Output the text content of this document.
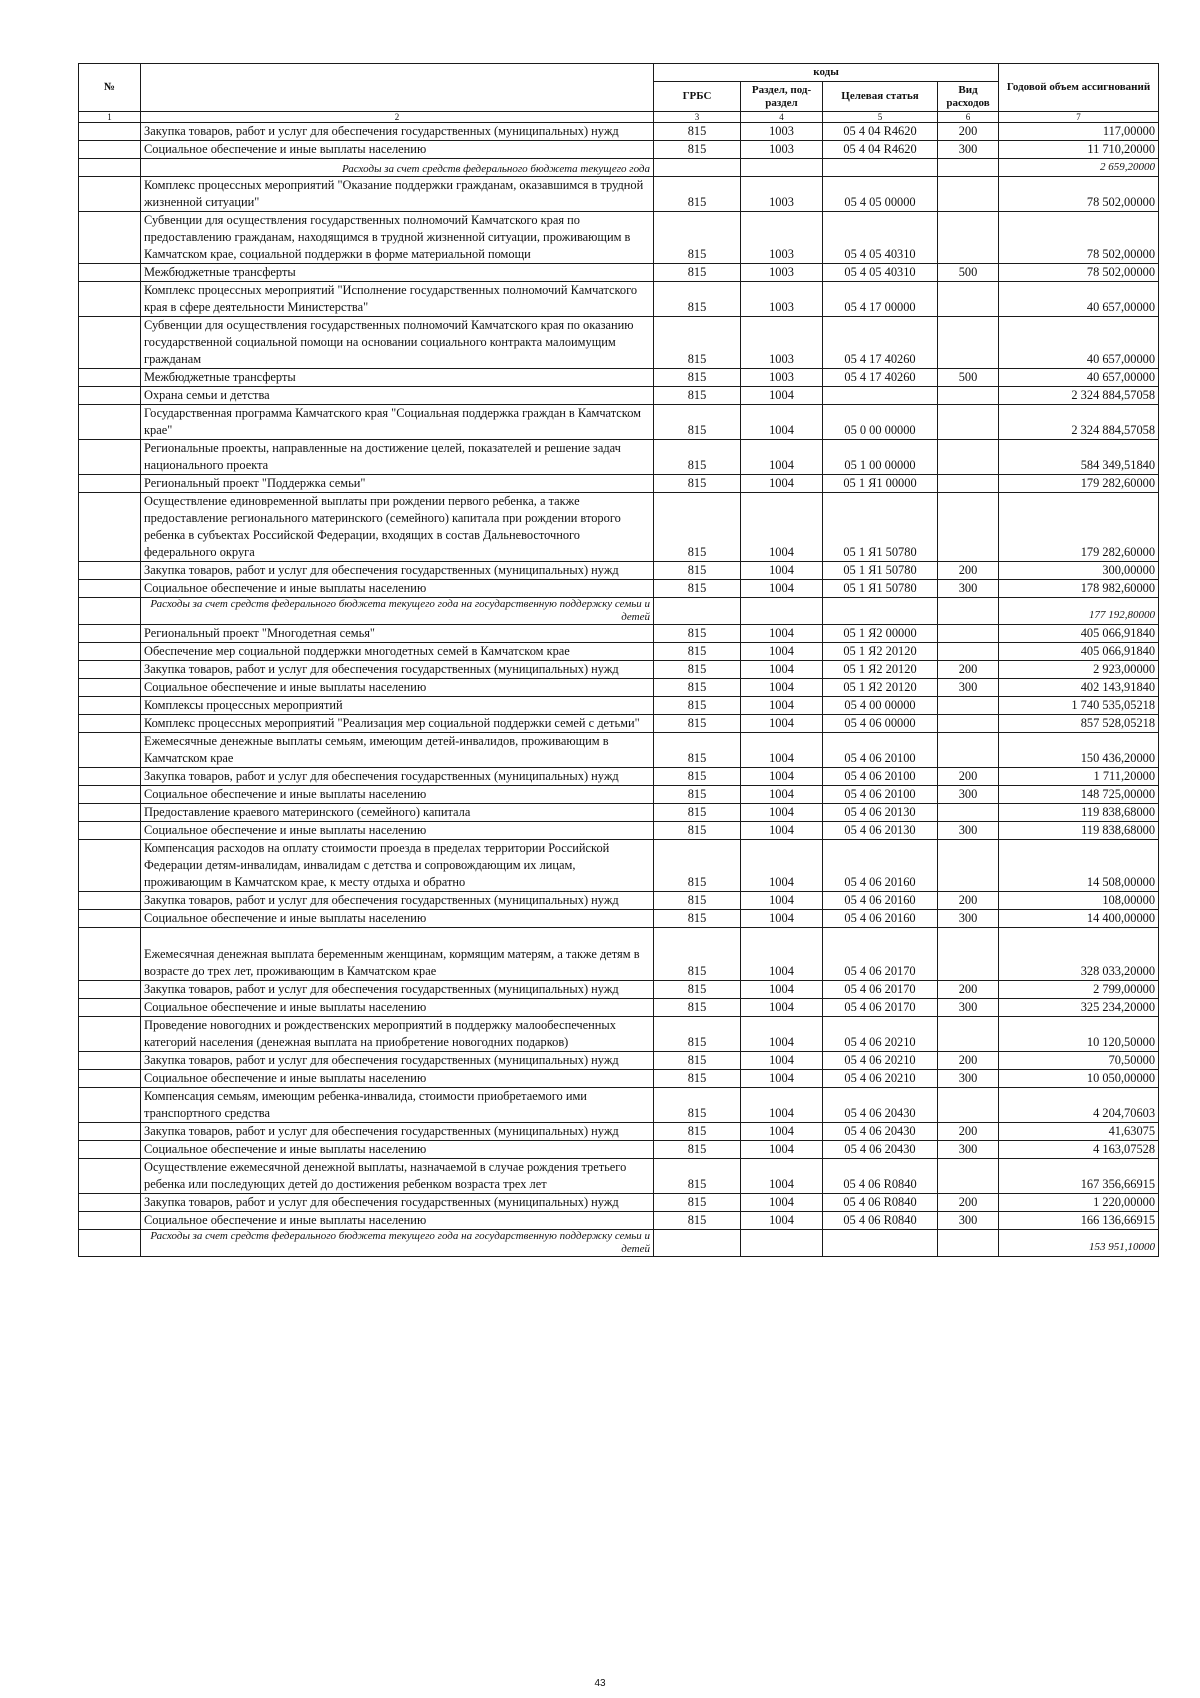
№		коды				Годовой объем ассигнований
		ГРБС	Раздел, под-раздел	Целевая статья	Вид расходов	
1	2	3	4	5	6	7
	Закупка товаров, работ и услуг для обеспечения государственных (муниципальных) нужд	815	1003	05 4 04 R4620	200	117,00000
	Социальное обеспечение и иные выплаты населению	815	1003	05 4 04 R4620	300	11 710,20000
	Расходы за счет средств федерального бюджета текущего года					2 659,20000
	Комплекс процессных мероприятий "Оказание поддержки гражданам, оказавшимся в трудной жизненной ситуации"	815	1003	05 4 05 00000		78 502,00000
	Субвенции для осуществления государственных полномочий Камчатского края по предоставлению гражданам, находящимся в трудной жизненной ситуации, проживающим в Камчатском крае, социальной поддержки в форме материальной помощи	815	1003	05 4 05 40310		78 502,00000
	Межбюджетные трансферты	815	1003	05 4 05 40310	500	78 502,00000
	Комплекс процессных мероприятий "Исполнение государственных полномочий Камчатского края в сфере деятельности Министерства"	815	1003	05 4 17 00000		40 657,00000
	Субвенции для осуществления государственных полномочий Камчатского края по оказанию государственной социальной помощи на основании социального контракта малоимущим гражданам	815	1003	05 4 17 40260		40 657,00000
	Межбюджетные трансферты	815	1003	05 4 17 40260	500	40 657,00000
	Охрана семьи и детства	815	1004			2 324 884,57058
	Государственная программа Камчатского края "Социальная поддержка граждан в Камчатском крае"	815	1004	05 0 00 00000		2 324 884,57058
	Региональные проекты, направленные на достижение целей, показателей и решение задач национального проекта	815	1004	05 1 00 00000		584 349,51840
	Региональный проект "Поддержка семьи"	815	1004	05 1 Я1 00000		179 282,60000
	Осуществление единовременной выплаты при рождении первого ребенка, а также предоставление регионального материнского (семейного) капитала при рождении второго ребенка в субъектах Российской Федерации, входящих в состав Дальневосточного федерального округа	815	1004	05 1 Я1 50780		179 282,60000
	Закупка товаров, работ и услуг для обеспечения государственных (муниципальных) нужд	815	1004	05 1 Я1 50780	200	300,00000
	Социальное обеспечение и иные выплаты населению	815	1004	05 1 Я1 50780	300	178 982,60000
	Расходы за счет средств федерального бюджета текущего года на государственную поддержку семьи и детей					177 192,80000
	Региональный проект "Многодетная семья"	815	1004	05 1 Я2 00000		405 066,91840
	Обеспечение мер социальной поддержки многодетных семей в Камчатском крае	815	1004	05 1 Я2 20120		405 066,91840
	Закупка товаров, работ и услуг для обеспечения государственных (муниципальных) нужд	815	1004	05 1 Я2 20120	200	2 923,00000
	Социальное обеспечение и иные выплаты населению	815	1004	05 1 Я2 20120	300	402 143,91840
	Комплексы процессных мероприятий	815	1004	05 4 00 00000		1 740 535,05218
	Комплекс процессных мероприятий "Реализация мер социальной поддержки семей с детьми"	815	1004	05 4 06 00000		857 528,05218
	Ежемесячные денежные выплаты семьям, имеющим детей-инвалидов, проживающим в Камчатском крае	815	1004	05 4 06 20100		150 436,20000
	Закупка товаров, работ и услуг для обеспечения государственных (муниципальных) нужд	815	1004	05 4 06 20100	200	1 711,20000
	Социальное обеспечение и иные выплаты населению	815	1004	05 4 06 20100	300	148 725,00000
	Предоставление краевого материнского (семейного) капитала	815	1004	05 4 06 20130		119 838,68000
	Социальное обеспечение и иные выплаты населению	815	1004	05 4 06 20130	300	119 838,68000
	Компенсация расходов на оплату стоимости проезда в пределах территории Российской Федерации детям-инвалидам, инвалидам с детства и сопровождающим их лицам, проживающим в Камчатском крае, к месту отдыха и обратно	815	1004	05 4 06 20160		14 508,00000
	Закупка товаров, работ и услуг для обеспечения государственных (муниципальных) нужд	815	1004	05 4 06 20160	200	108,00000
	Социальное обеспечение и иные выплаты населению	815	1004	05 4 06 20160	300	14 400,00000
	Ежемесячная денежная выплата беременным женщинам, кормящим матерям, а также детям в возрасте до трех лет, проживающим в Камчатском крае	815	1004	05 4 06 20170		328 033,20000
	Закупка товаров, работ и услуг для обеспечения государственных (муниципальных) нужд	815	1004	05 4 06 20170	200	2 799,00000
	Социальное обеспечение и иные выплаты населению	815	1004	05 4 06 20170	300	325 234,20000
	Проведение новогодних и рождественских мероприятий в поддержку малообеспеченных категорий населения (денежная выплата на приобретение новогодних подарков)	815	1004	05 4 06 20210		10 120,50000
	Закупка товаров, работ и услуг для обеспечения государственных (муниципальных) нужд	815	1004	05 4 06 20210	200	70,50000
	Социальное обеспечение и иные выплаты населению	815	1004	05 4 06 20210	300	10 050,00000
	Компенсация семьям, имеющим ребенка-инвалида, стоимости приобретаемого ими транспортного средства	815	1004	05 4 06 20430		4 204,70603
	Закупка товаров, работ и услуг для обеспечения государственных (муниципальных) нужд	815	1004	05 4 06 20430	200	41,63075
	Социальное обеспечение и иные выплаты населению	815	1004	05 4 06 20430	300	4 163,07528
	Осуществление ежемесячной денежной выплаты, назначаемой в случае рождения третьего ребенка или последующих детей до достижения ребенком возраста трех лет	815	1004	05 4 06 R0840		167 356,66915
	Закупка товаров, работ и услуг для обеспечения государственных (муниципальных) нужд	815	1004	05 4 06 R0840	200	1 220,00000
	Социальное обеспечение и иные выплаты населению	815	1004	05 4 06 R0840	300	166 136,66915
	Расходы за счет средств федерального бюджета текущего года на государственную поддержку семьи и детей					153 951,10000
43
